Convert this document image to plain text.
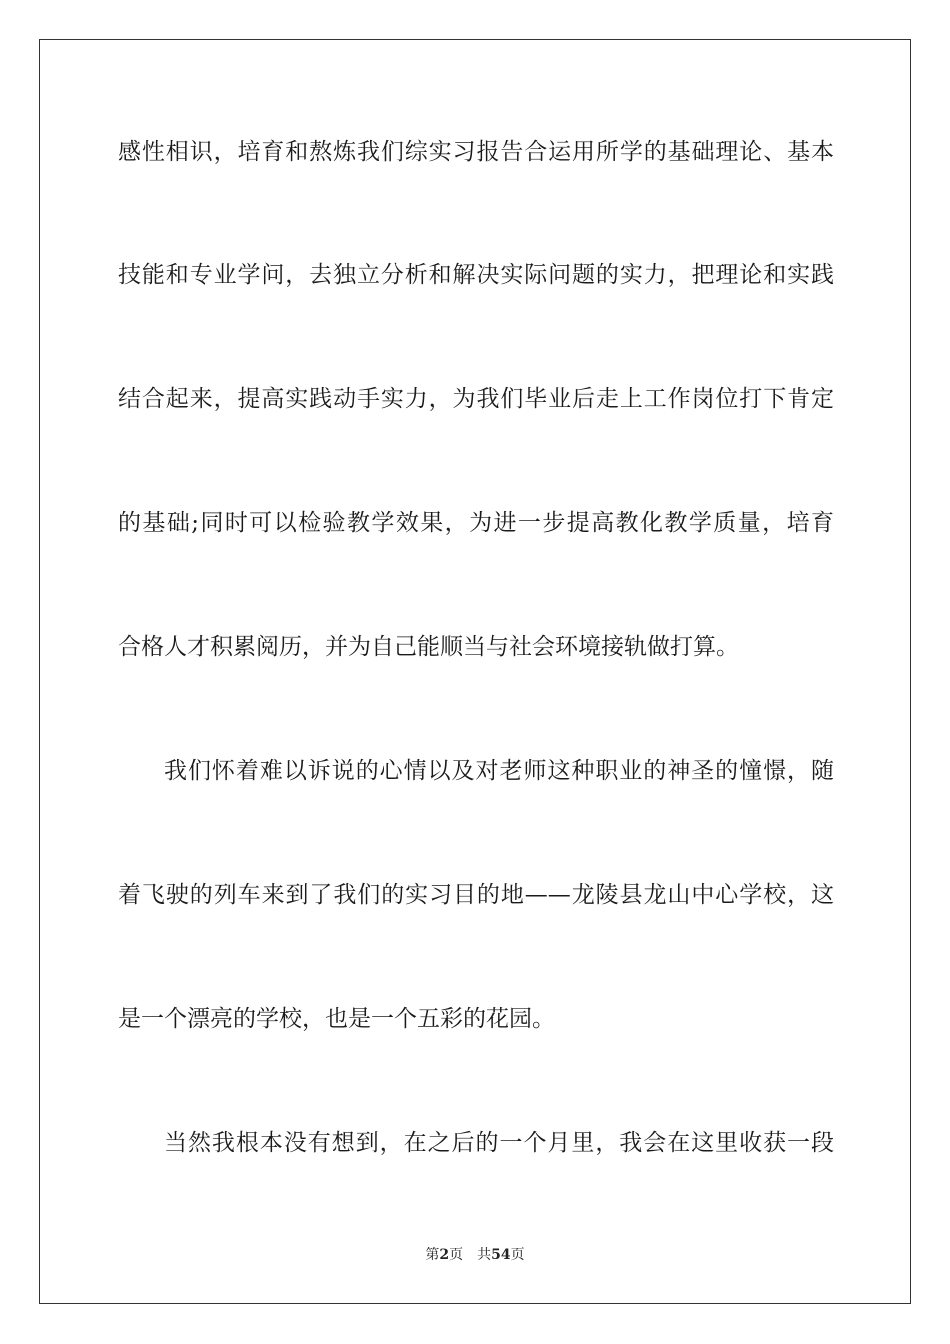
感性相识，培育和熬炼我们综实习报告合运用所学的基础理论、基本
技能和专业学问，去独立分析和解决实际问题的实力，把理论和实践
结合起来，提高实践动手实力，为我们毕业后走上工作岗位打下肯定
的基础;同时可以检验教学效果，为进一步提高教化教学质量，培育
合格人才积累阅历，并为自己能顺当与社会环境接轨做打算。
我们怀着难以诉说的心情以及对老师这种职业的神圣的憧憬，随
着飞驶的列车来到了我们的实习目的地——龙陵县龙山中心学校，这
是一个漂亮的学校，也是一个五彩的花园。
当然我根本没有想到，在之后的一个月里，我会在这里收获一段
第2页 共54页
